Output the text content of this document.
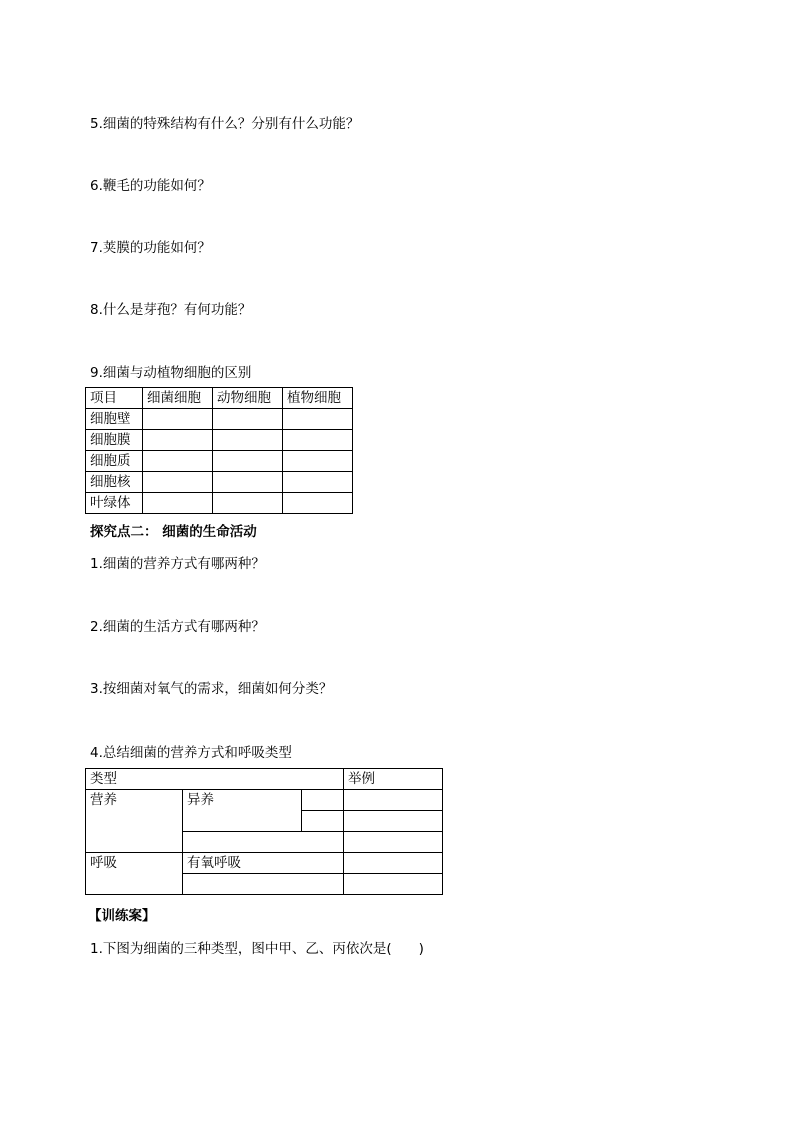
5.细菌的特殊结构有什么？分别有什么功能？
6.鞭毛的功能如何？
7.荚膜的功能如何？
8.什么是芽孢？有何功能？
9.细菌与动植物细胞的区别
项目	细菌细胞	动物细胞	植物细胞
细胞壁			
细胞膜			
细胞质			
细胞核			
叶绿体			
探究点二： 细菌的生命活动
1.细菌的营养方式有哪两种？
2.细菌的生活方式有哪两种？
3.按细菌对氧气的需求，细菌如何分类？
4.总结细菌的营养方式和呼吸类型
类型			举例
营养	异养		

呼吸	有氧呼吸		

【训练案】
1.下图为细菌的三种类型，图中甲、乙、丙依次是(　　)
